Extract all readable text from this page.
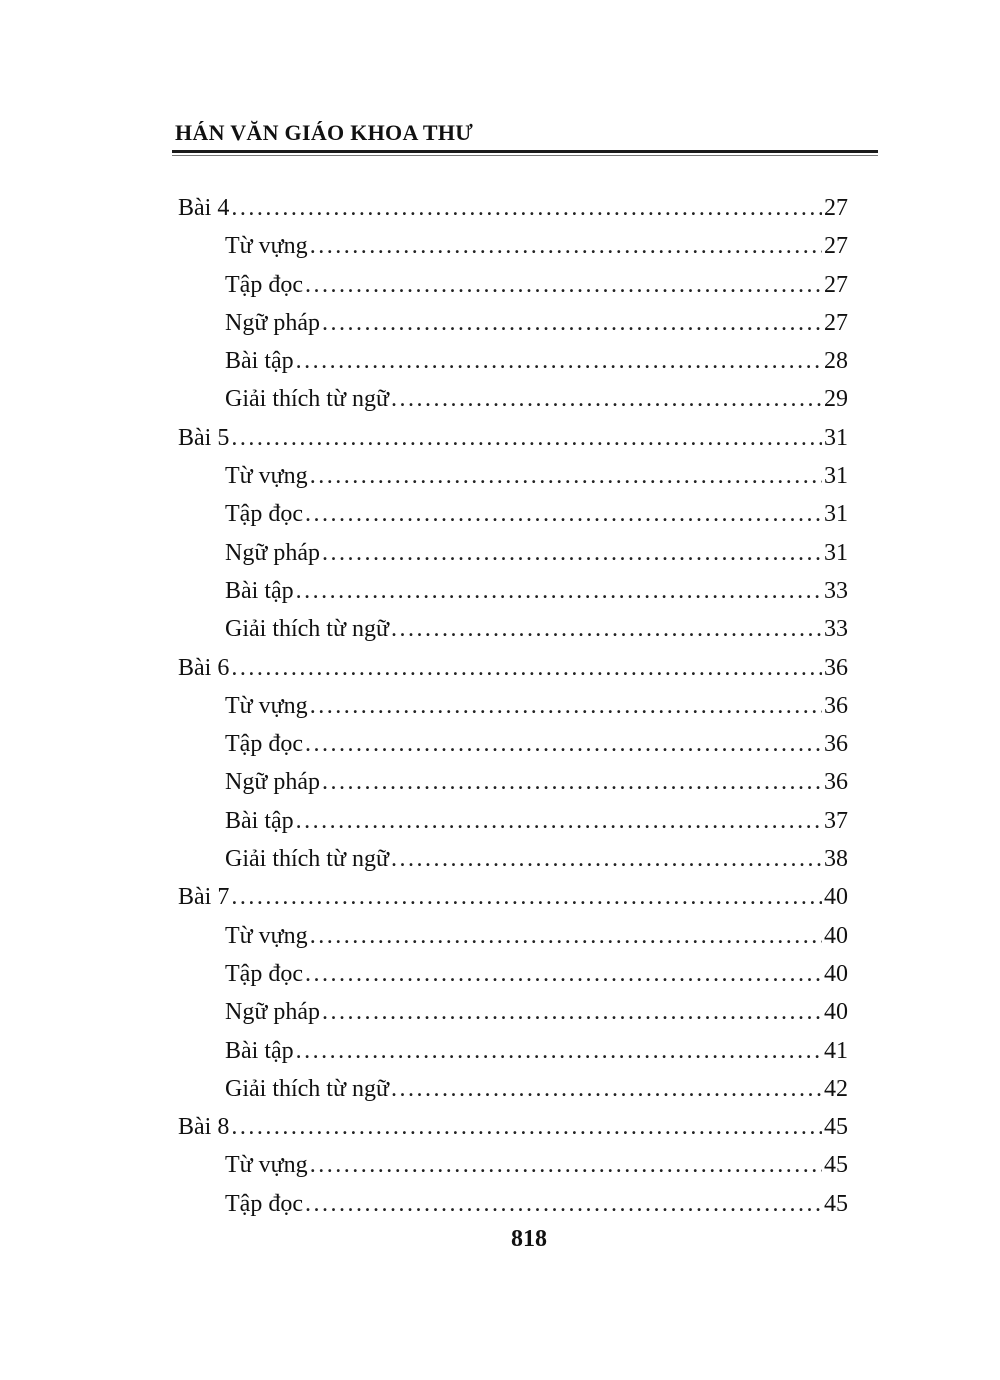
HÁN VĂN GIÁO KHOA THƯ
Bài 4 .....	27
Từ vựng .....	27
Tập đọc .....	27
Ngữ pháp .....	27
Bài tập .....	28
Giải thích từ ngữ .....	29
Bài 5 .....	31
Từ vựng .....	31
Tập đọc .....	31
Ngữ pháp .....	31
Bài tập .....	33
Giải thích từ ngữ .....	33
Bài 6 .....	36
Từ vựng .....	36
Tập đọc .....	36
Ngữ pháp .....	36
Bài tập .....	37
Giải thích từ ngữ .....	38
Bài 7 .....	40
Từ vựng .....	40
Tập đọc .....	40
Ngữ pháp .....	40
Bài tập .....	41
Giải thích từ ngữ .....	42
Bài 8 .....	45
Từ vựng .....	45
Tập đọc .....	45
818
